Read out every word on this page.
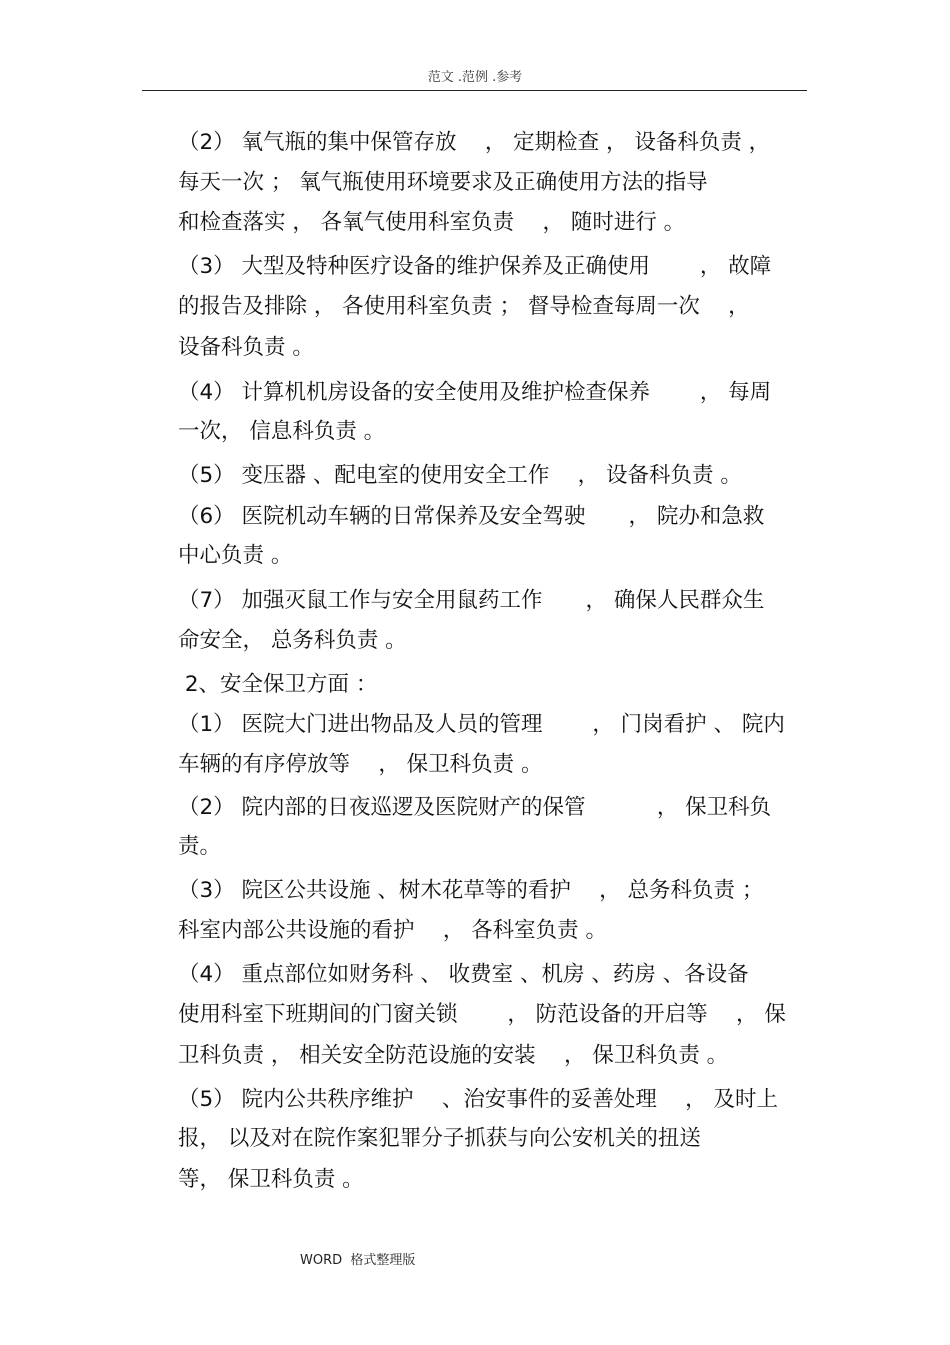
范文 .范例 .参考
（2） 氧气瓶的集中保管存放　 ， 定期检查 ， 设备科负责 ，
每天一次 ； 氧气瓶使用环境要求及正确使用方法的指导
和检查落实 ， 各氧气使用科室负责　 ， 随时进行 。
（3） 大型及特种医疗设备的维护保养及正确使用　　 ， 故障
的报告及排除 ， 各使用科室负责 ； 督导检查每周一次　 ，
设备科负责 。
（4） 计算机机房设备的安全使用及维护检查保养　　 ， 每周
一次， 信息科负责 。
（5） 变压器 、配电室的使用安全工作　 ， 设备科负责 。
（6） 医院机动车辆的日常保养及安全驾驶　　， 院办和急救
中心负责 。
（7） 加强灭鼠工作与安全用鼠药工作　　， 确保人民群众生
命安全， 总务科负责 。
2、安全保卫方面 ：
（1） 医院大门进出物品及人员的管理　　 ， 门岗看护 、 院内
车辆的有序停放等 　， 保卫科负责 。
（2） 院内部的日夜巡逻及医院财产的保管　　　 ， 保卫科负
责。
（3） 院区公共设施 、树木花草等的看护　 ， 总务科负责 ；
科室内部公共设施的看护　 ， 各科室负责 。
（4） 重点部位如财务科 、 收费室 、机房 、药房 、各设备
使用科室下班期间的门窗关锁　　 ， 防范设备的开启等　 ， 保
卫科负责 ， 相关安全防范设施的安装　 ， 保卫科负责 。
（5） 院内公共秩序维护　 、治安事件的妥善处理　 ， 及时上
报， 以及对在院作案犯罪分子抓获与向公安机关的扭送
等， 保卫科负责 。
WORD  格式整理版
